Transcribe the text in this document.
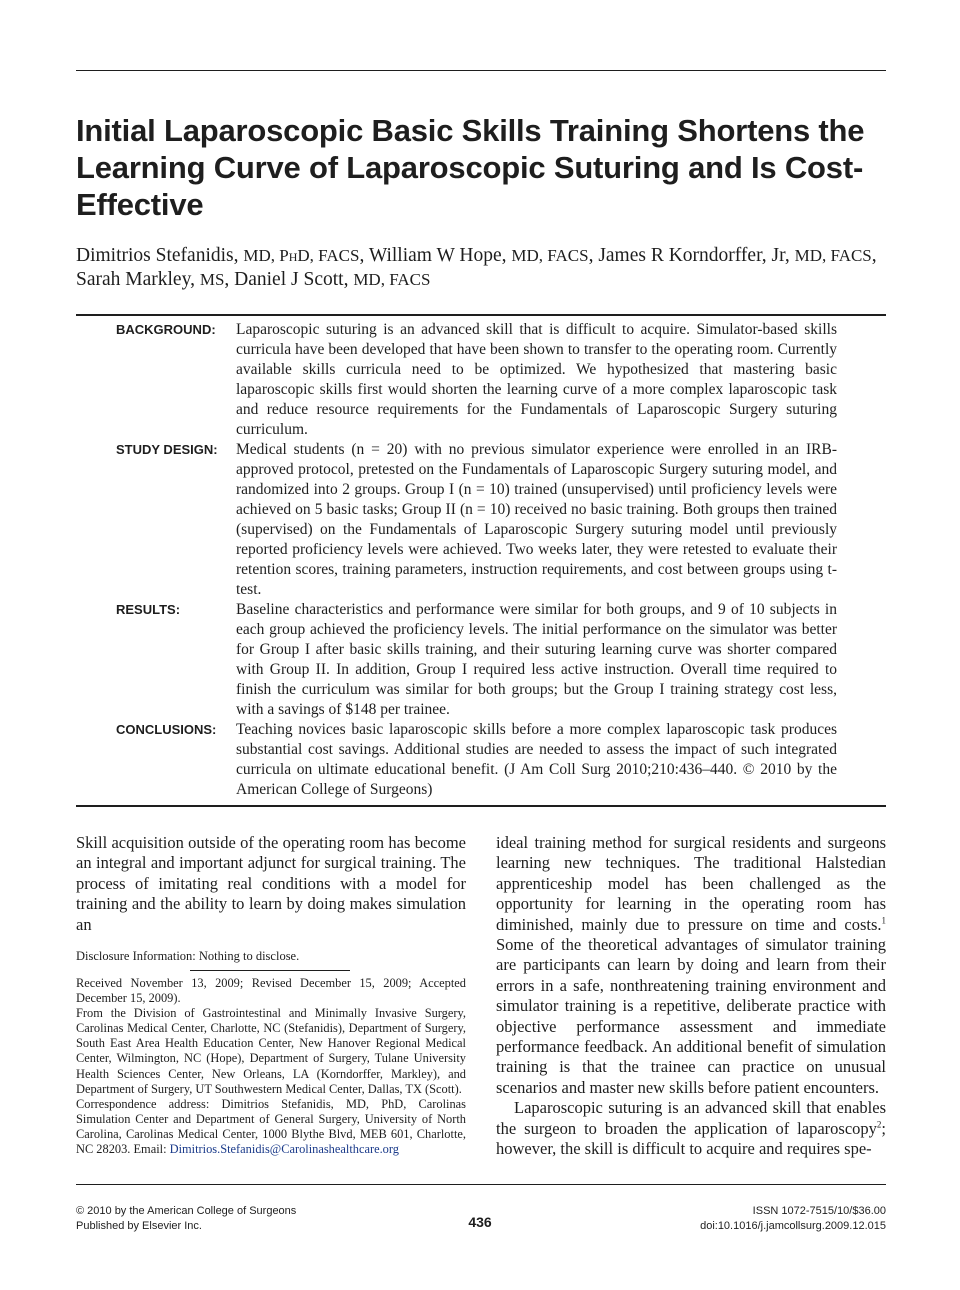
Initial Laparoscopic Basic Skills Training Shortens the Learning Curve of Laparoscopic Suturing and Is Cost-Effective
Dimitrios Stefanidis, MD, PhD, FACS, William W Hope, MD, FACS, James R Korndorffer, Jr, MD, FACS,
Sarah Markley, MS, Daniel J Scott, MD, FACS
BACKGROUND:	Laparoscopic suturing is an advanced skill that is difficult to acquire. Simulator-based skills curricula have been developed that have been shown to transfer to the operating room. Currently available skills curricula need to be optimized. We hypothesized that mastering basic laparoscopic skills first would shorten the learning curve of a more complex laparoscopic task and reduce resource requirements for the Fundamentals of Laparoscopic Surgery suturing curriculum.
STUDY DESIGN:	Medical students (n = 20) with no previous simulator experience were enrolled in an IRB-approved protocol, pretested on the Fundamentals of Laparoscopic Surgery suturing model, and randomized into 2 groups. Group I (n = 10) trained (unsupervised) until proficiency levels were achieved on 5 basic tasks; Group II (n = 10) received no basic training. Both groups then trained (supervised) on the Fundamentals of Laparoscopic Surgery suturing model until previously reported proficiency levels were achieved. Two weeks later, they were retested to evaluate their retention scores, training parameters, instruction requirements, and cost between groups using t-test.
RESULTS:	Baseline characteristics and performance were similar for both groups, and 9 of 10 subjects in each group achieved the proficiency levels. The initial performance on the simulator was better for Group I after basic skills training, and their suturing learning curve was shorter compared with Group II. In addition, Group I required less active instruction. Overall time required to finish the curriculum was similar for both groups; but the Group I training strategy cost less, with a savings of $148 per trainee.
CONCLUSIONS:	Teaching novices basic laparoscopic skills before a more complex laparoscopic task produces substantial cost savings. Additional studies are needed to assess the impact of such integrated curricula on ultimate educational benefit. (J Am Coll Surg 2010;210:436–440. © 2010 by the American College of Surgeons)
Skill acquisition outside of the operating room has become an integral and important adjunct for surgical training. The process of imitating real conditions with a model for training and the ability to learn by doing makes simulation an
ideal training method for surgical residents and surgeons learning new techniques. The traditional Halstedian apprenticeship model has been challenged as the opportunity for learning in the operating room has diminished, mainly due to pressure on time and costs.$^1$ Some of the theoretical advantages of simulator training are participants can learn by doing and learn from their errors in a safe, nonthreatening training environment and simulator training is a repetitive, deliberate practice with objective performance assessment and immediate performance feedback. An additional benefit of simulation training is that the trainee can practice on unusual scenarios and master new skills before patient encounters.
Laparoscopic suturing is an advanced skill that enables the surgeon to broaden the application of laparoscopy$^2$; however, the skill is difficult to acquire and requires spe-
Disclosure Information: Nothing to disclose.
Received November 13, 2009; Revised December 15, 2009; Accepted December 15, 2009).
From the Division of Gastrointestinal and Minimally Invasive Surgery, Carolinas Medical Center, Charlotte, NC (Stefanidis), Department of Surgery, South East Area Health Education Center, New Hanover Regional Medical Center, Wilmington, NC (Hope), Department of Surgery, Tulane University Health Sciences Center, New Orleans, LA (Korndorffer, Markley), and Department of Surgery, UT Southwestern Medical Center, Dallas, TX (Scott).
Correspondence address: Dimitrios Stefanidis, MD, PhD, Carolinas Simulation Center and Department of General Surgery, University of North Carolina, Carolinas Medical Center, 1000 Blythe Blvd, MEB 601, Charlotte, NC 28203. Email: Dimitrios.Stefanidis@Carolinashealthcare.org
© 2010 by the American College of Surgeons
Published by Elsevier Inc.	436
ISSN 1072-7515/10/$36.00
doi:10.1016/j.jamcollsurg.2009.12.015
